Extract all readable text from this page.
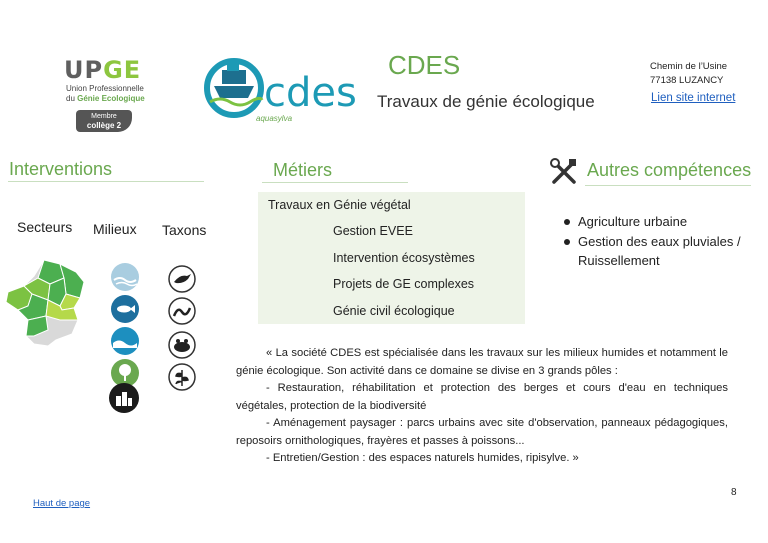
UPGE
Union Professionnelle
du Génie Ecologique
Membre
collège 2
cdes
aquasylva
CDES
Travaux de génie écologique
Chemin de l’Usine
77138 LUZANCY
Lien site internet
Interventions	Métiers	Autres compétences
Secteurs Milieux Taxons
Travaux en Génie végétal
Gestion EVEE
Intervention écosystèmes
Projets de GE complexes
Génie civil écologique
Agriculture urbaine
Gestion des eaux pluviales / Ruissellement

« La société CDES est spécialisée dans les travaux sur les milieux humides et notamment le génie écologique. Son activité dans ce domaine se divise en 3 grands pôles :

- Restauration, réhabilitation et protection des berges et cours d'eau en techniques végétales, protection de la biodiversité

- Aménagement paysager : parcs urbains avec site d'observation, panneaux pédagogiques, reposoirs ornithologiques, frayères et passes à poissons...

- Entretien/Gestion : des espaces naturels humides, ripisylve. »

8
Haut de page
